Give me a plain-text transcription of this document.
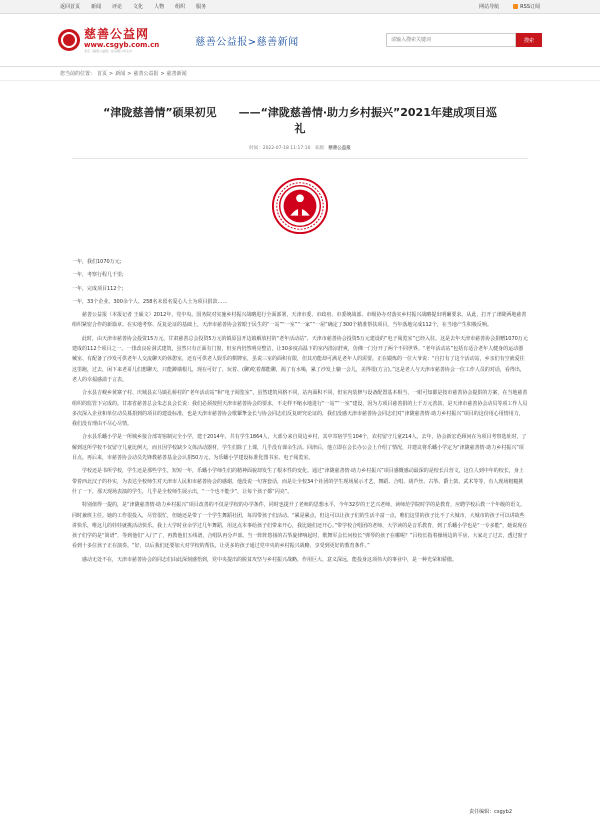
返回首页 新闻 评论 文化 人物 组织 服务	网站导航	RSS订阅
慈善公益网
www.csgyb.com.cn
北京《慈善公益报》社有限公司主办
慈善公益报>慈善新闻
请输入搜索关键词	搜索
您当前的位置： 首页 > 新闻 > 慈善公益报 > 慈善新闻
“津陇慈善情”硕果初见　　——“津陇慈善情·助力乡村振兴”2021年建成项目巡礼
时间：2022-07-18 11:17:10 来源：慈善公益报

一年，我们1070万元;

一年，考察行程几千里;

一年，完成项目112个;

一年，33个企业、300余个人、258名未留名爱心人士为项目捐款……

慈善公益报（本报记者 王硕文）2012年，党中央、国务院对实施乡村振兴战略进行全面部署，天津市委、市政府、市委统战部、市级协办对落实乡村振兴战略提出明确要求。从此，打开了津陇两地慈善组织紧密合作的新篇章。在实地考察、反复论证的基础上，天津市慈善协会着眼于民生的“一站”“一室”“一家”“一屋”确定了300个精准帮扶项目，当年落地完成112个，在当地产生积极反响。

此时，由天津市慈善协会投资15万元、甘肃慈善总会投资5万元的镇原县开边镇解放村的“老年活动站”、天津市慈善协会投资5万元建设的“电子阅览室”已经入驻。这是去年天津市慈善协会捐赠1070万元建成的112个项目之一。一排改良砼洞式建筑，虽然只有正面有门窗，但室内仍然明亮整洁，让30多度高温下的室内清凉舒爽，仿佛一门分开了两个不同世界。“老年活动站”包括有适合老年人健身的运动器械室、有配备了沙发可供老年人交流聊天的休憩室，还有可供老人娱乐的棋牌室，虽说三室的面积有限，但其功能却可满足老年人的需要。正在锻炼的一位大爷说：“自打有了这个活动站，乡亲们有空就爱往这里跑，过去，闲下来老哥几们想聊天，只能蹲墙根儿，现在可好了，玩着、(聊)吃着都能聊，渴了有水喝，累了沙发上躺一会儿，美得很(方言)。”这是老人与天津市慈善协会一位工作人员的对话，看得出，老人的幸福感溢于言表。

合水县吉岘乡黄寨子村、庆城县玄马镇孔桥村的“老年活动站”和“电子阅览室”，虽然建筑风格不同，站内面积不同，但室内装修与设备配置基本相当，一眼可知都是按市慈善协会提供的方案，在当地慈善组织的监管下完成的。甘肃省慈善总会朱志良会长说：我们必须按照天津市慈善协会的要求，不走样不缩水地进行“一站”“一室”建设，因为方项目慈善捐的上千万元善款，是天津市慈善协会动员等项工作人员多次深入企业和单位动员募捐到的项目的建设标准，也是天津市慈善协会歌颦挚金长与协会同志们反复研究论证的，我们没感天津市慈善协会同志们对“津陇慈善情·助力乡村振兴”项目的这份用心用情用力，我们没有理由不尽心尽情。

合水县乐蟠小学是一所城乡接合部寄宿制完全小学，建于2014年，共有学生1864人，大部分来自周边乡村，其中寄宿学生104个，农村留守儿童214人。去年，协会新宏范顾问在为项目考察选址时，了解到这所学校不仅留守儿童比例大，而且因学校缺少文体活动器材，学生们除了上课，几乎没有课余生活。回津后，他立即在会长办公会上介绍了情况，并建议将乐蟠小学定为“津陇慈善情·助力乡村振兴”项目点。再后来，市慈善协会动员先锋教慈善基金会认捐50万元，为乐蟠小学建设标准化图书室、电子阅览室。

学校还是书所学校，学生还是那些学生，短短一年，乐蟠小学师生们的精神面貌却发生了根本性的变化。通过“津陇慈善情·助力乡村振兴”项目感慨感动最深的是校长吕营文，这位人到中年的校长，身上带着西北汉子的朴实，为表达全校师生对天津市人民和市慈善协会的感谢，他没说一句客套话，而是让全校34个社团的学生现场展示才艺，舞蹈、合唱、葫芦丝、古筝、爵士鼓、武术等等，有人现场粗糙挑什了一下，那天现场表演的学生，几乎是全校师生展示出，“一个也不能少”，让每个孩子都“闪亮”。

特别值得一提的，是“津陇慈善情·助力乡村振兴”项目改善的不仅是学校的办学条件，同时也提升了老师的思想水平，今年32岁的王艺兴老师，读师范学院时学的是教育，应聘学校后教一个年级的语文，同时兼班主任。她的工作很投入，尽管很忙，但她还是带了一个学生舞蹈社团，每周带孩子们活动。“累是累点，但这可以让孩子们的生活丰富一点，唯们这里的孩子比不了大城市，大城市的孩子可以讲故些讲快乐，唯这儿的娃娃就挑活动快乐。我上大学时业余学过几年舞蹈，用这点本事给孩子们带来开心，我比她们还开心。”带学校合唱团的老师，大学读的是音乐教育，到了乐蟠小学也是“一专多能”，她说现在孩子们学的是“简谱”，等到他们“入门”了，再教他们五线谱，合唱队再分声部。当一阵阵悠扬的古筝旋律响起时，歌舞军会长问校长“弹琴的孩子在哪呢？”吕校长指着操场边的平房，大家走了过去，透过窗子看到十多位孩子正在演奏。“好，以后我们还要加大对学校的帮扶，让更多的孩子通过党中央的乡村振兴战略，享受到更好的教育条件。”

感动无处不在，天津市慈善协会的同志们由此深刻感悟到，党中央提出的脱贫攻坚与乡村振兴战略，作用巨大、意义深远，能投身这项伟大的事业中，是一种光荣和骄傲。

责任编辑：csgyb2
